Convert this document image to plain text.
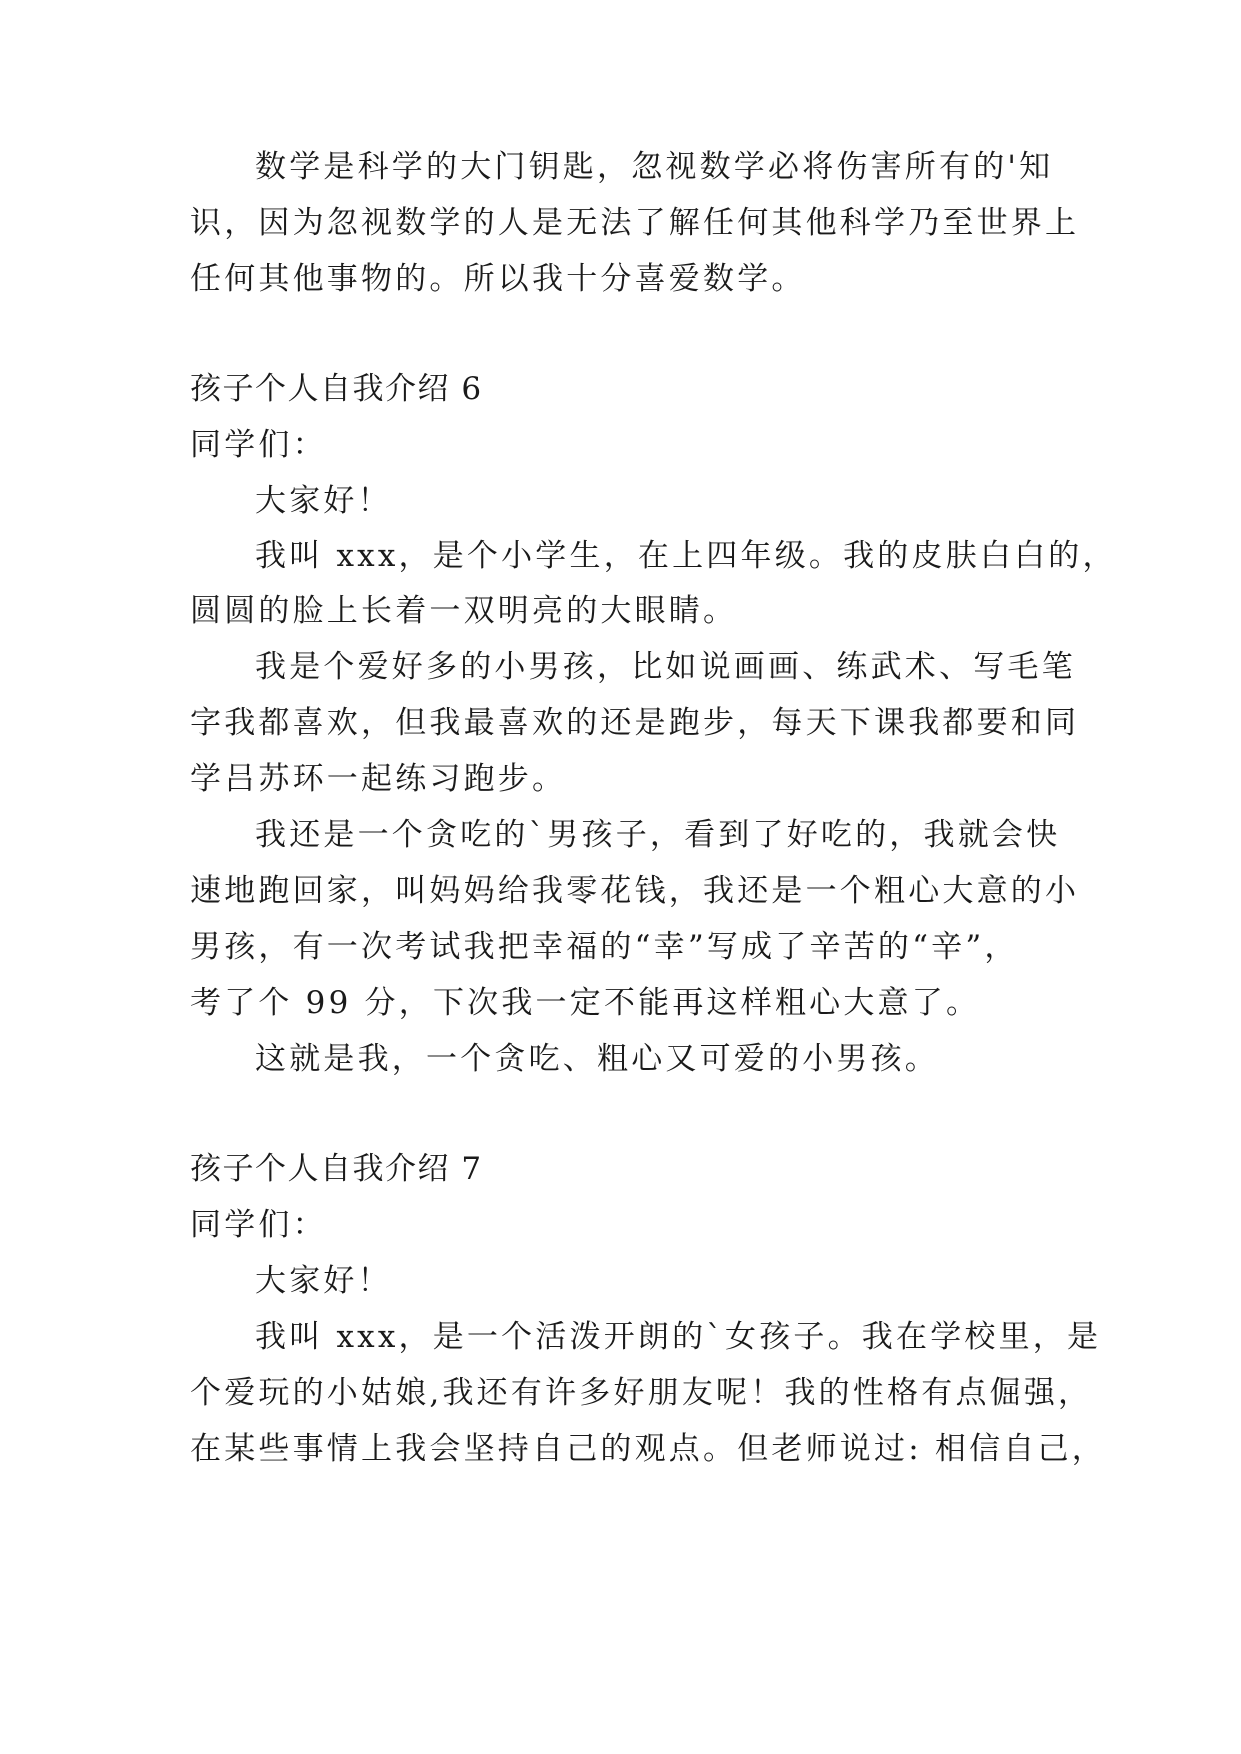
数学是科学的大门钥匙，忽视数学必将伤害所有的'知
识，因为忽视数学的人是无法了解任何其他科学乃至世界上
任何其他事物的。所以我十分喜爱数学。
孩子个人自我介绍 6
同学们：
大家好！
我叫 xxx，是个小学生，在上四年级。我的皮肤白白的，
圆圆的脸上长着一双明亮的大眼睛。
我是个爱好多的小男孩，比如说画画、练武术、写毛笔
字我都喜欢，但我最喜欢的还是跑步，每天下课我都要和同
学吕苏环一起练习跑步。
我还是一个贪吃的`男孩子，看到了好吃的，我就会快
速地跑回家，叫妈妈给我零花钱，我还是一个粗心大意的小
男孩，有一次考试我把幸福的“幸”写成了辛苦的“辛”，
考了个 99 分，下次我一定不能再这样粗心大意了。
这就是我，一个贪吃、粗心又可爱的小男孩。
孩子个人自我介绍 7
同学们：
大家好！
我叫 xxx，是一个活泼开朗的`女孩子。我在学校里，是
个爱玩的小姑娘,我还有许多好朋友呢！我的性格有点倔强，
在某些事情上我会坚持自己的观点。但老师说过: 相信自己，
